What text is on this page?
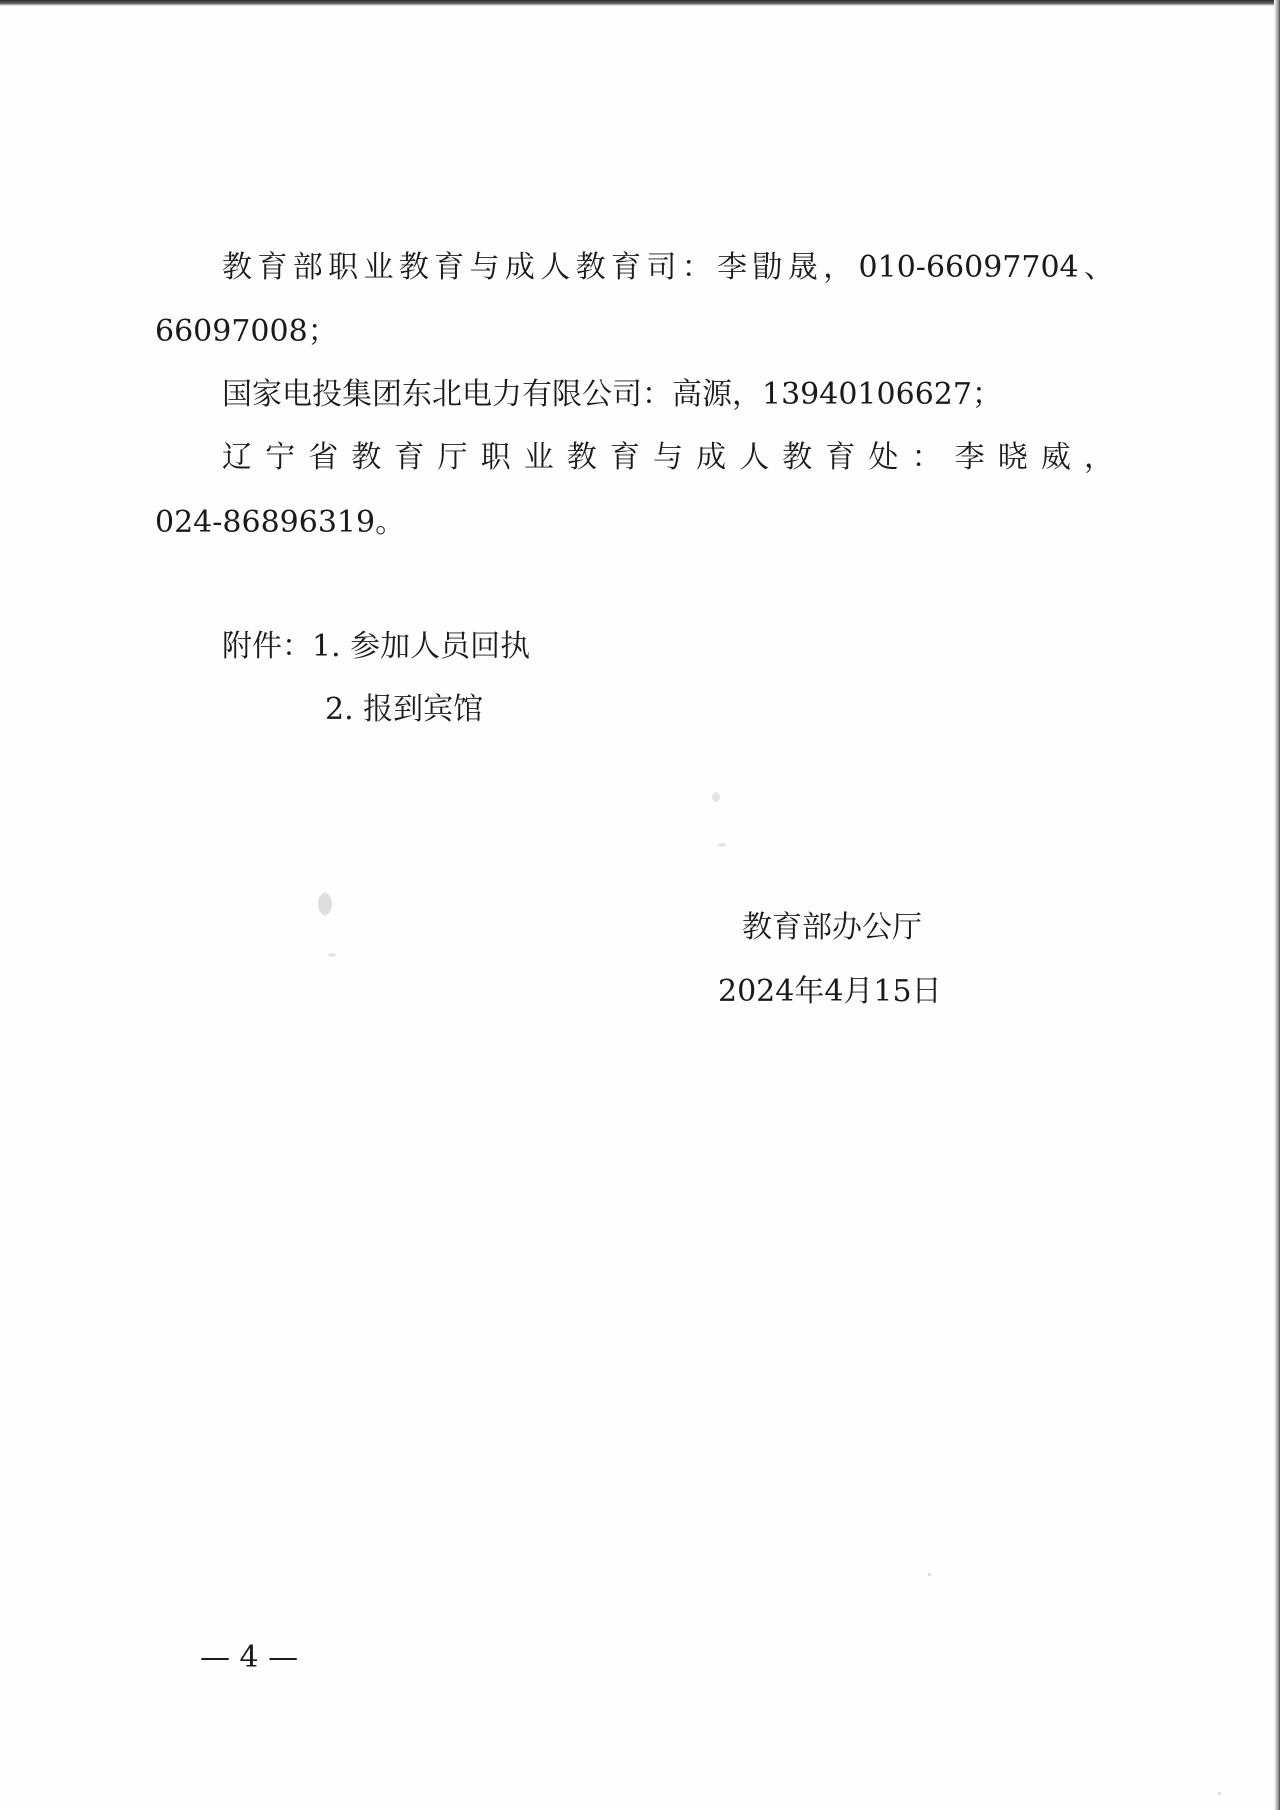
教育部职业教育与成人教育司：李勖晟，010-66097704、
66097008；
国家电投集团东北电力有限公司：高源，13940106627；
辽宁省教育厅职业教育与成人教育处：李晓威，
024-86896319。
附件：1. 参加人员回执
2. 报到宾馆
教育部办公厅
2024年4月15日
— 4 —
